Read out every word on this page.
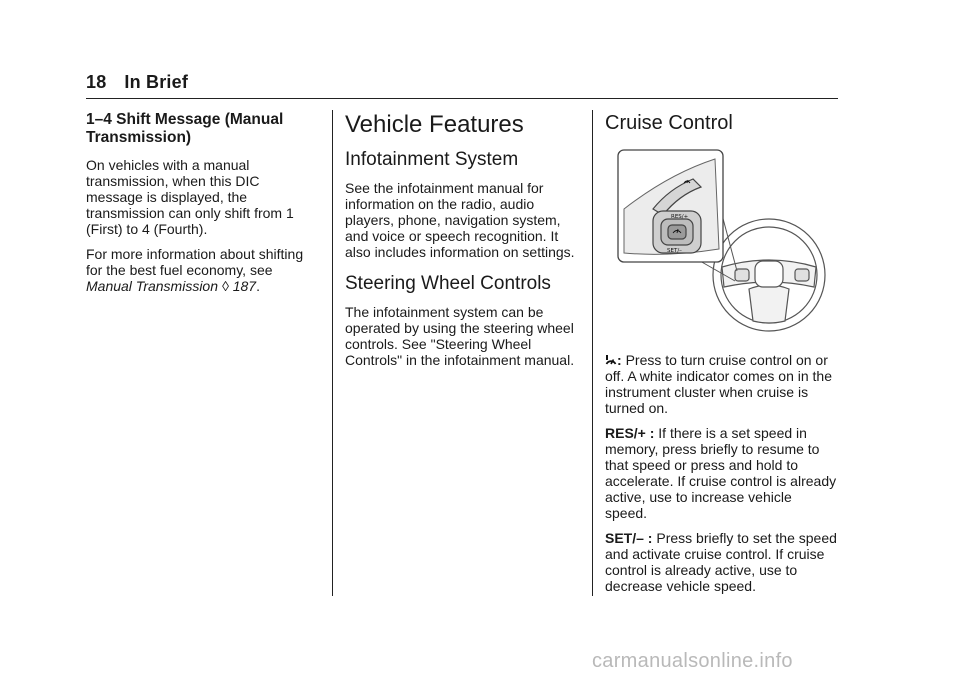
18 In Brief
1–4 Shift Message (Manual Transmission)

On vehicles with a manual transmission, when this DIC message is displayed, the transmission can only shift from 1 (First) to 4 (Fourth).

For more information about shifting for the best fuel economy, see Manual Transmission ◊ 187.

Vehicle Features
Infotainment System

See the infotainment manual for information on the radio, audio players, phone, navigation system, and voice or speech recognition. It also includes information on settings.

Steering Wheel Controls

The infotainment system can be operated by using the steering wheel controls. See "Steering Wheel Controls" in the infotainment manual.

Cruise Control
RES/+
SET/–

: Press to turn cruise control on or off. A white indicator comes on in the instrument cluster when cruise is turned on.

RES/+ : If there is a set speed in memory, press briefly to resume to that speed or press and hold to accelerate. If cruise control is already active, use to increase vehicle speed.

SET/– : Press briefly to set the speed and activate cruise control. If cruise control is already active, use to decrease vehicle speed.

carmanualsonline.info
